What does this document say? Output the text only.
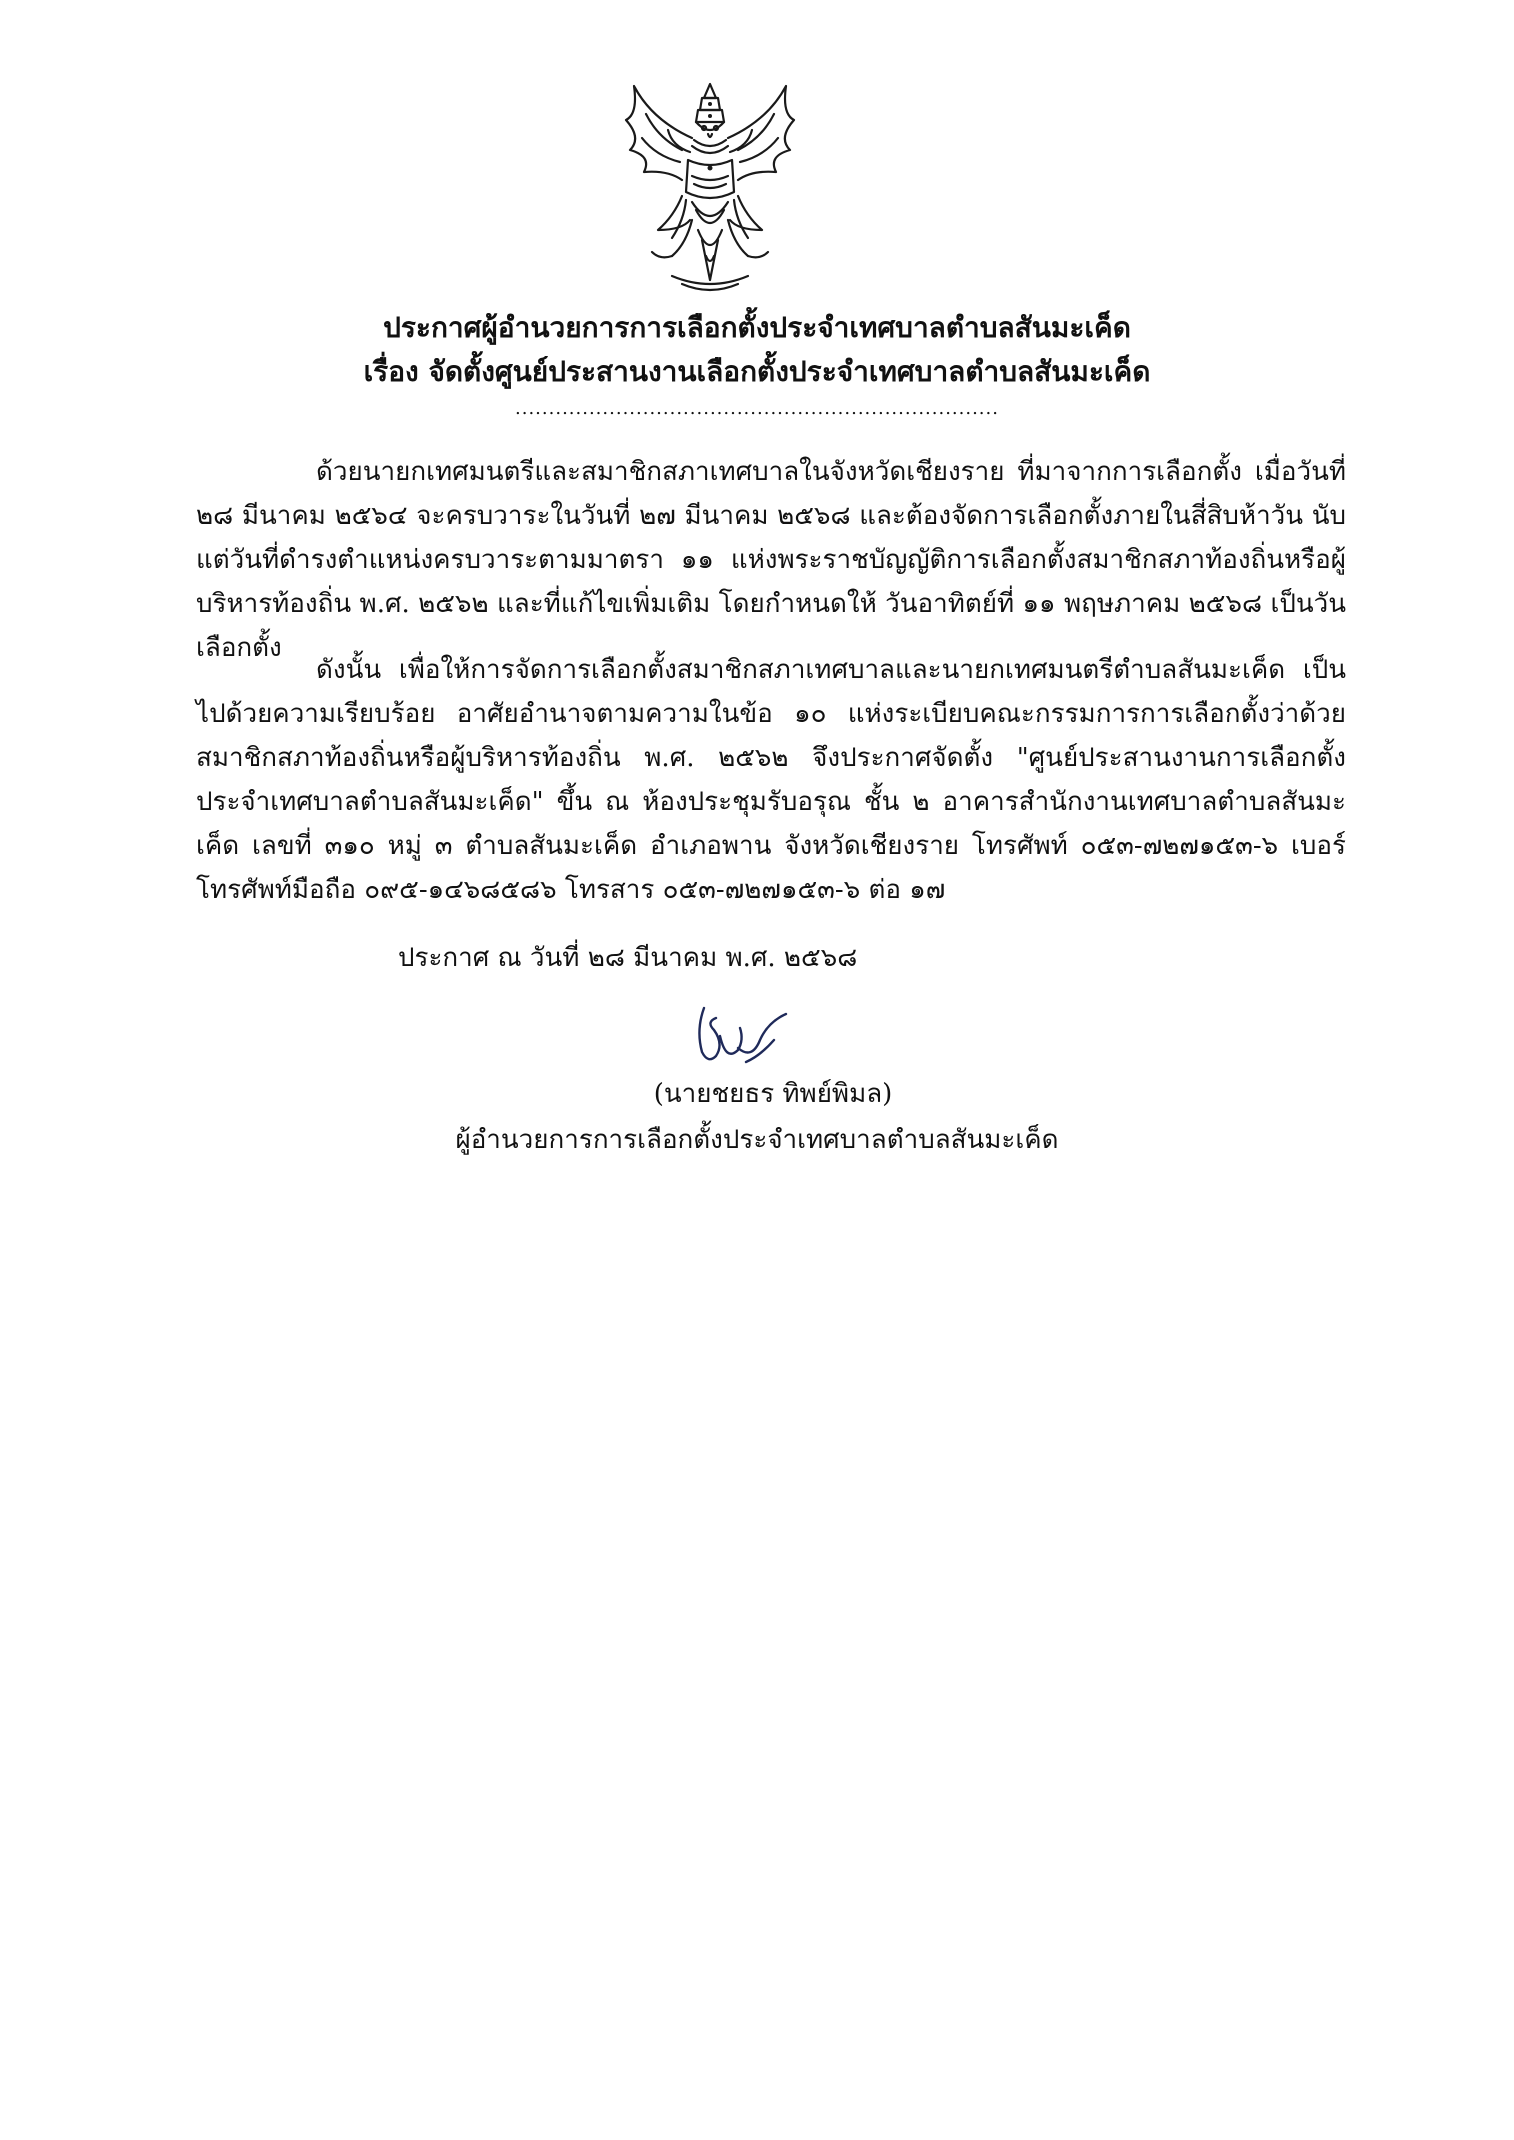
ประกาศผู้อำนวยการการเลือกตั้งประจำเทศบาลตำบลสันมะเค็ด
เรื่อง จัดตั้งศูนย์ประสานงานเลือกตั้งประจำเทศบาลตำบลสันมะเค็ด
........................................................................

ด้วยนายกเทศมนตรีและสมาชิกสภาเทศบาลในจังหวัดเชียงราย ที่มาจากการเลือกตั้ง เมื่อวันที่ ๒๘ มีนาคม ๒๕๖๔ จะครบวาระในวันที่ ๒๗ มีนาคม ๒๕๖๘ และต้องจัดการเลือกตั้งภายในสี่สิบห้าวัน นับแต่วันที่ดำรงตำแหน่งครบวาระตามมาตรา ๑๑ แห่งพระราชบัญญัติการเลือกตั้งสมาชิกสภาท้องถิ่นหรือผู้บริหารท้องถิ่น พ.ศ. ๒๕๖๒ และที่แก้ไขเพิ่มเติม โดยกำหนดให้ วันอาทิตย์ที่ ๑๑ พฤษภาคม ๒๕๖๘ เป็นวันเลือกตั้ง

ดังนั้น เพื่อให้การจัดการเลือกตั้งสมาชิกสภาเทศบาลและนายกเทศมนตรีตำบลสันมะเค็ด เป็นไปด้วยความเรียบร้อย อาศัยอำนาจตามความในข้อ ๑๐ แห่งระเบียบคณะกรรมการการเลือกตั้งว่าด้วยสมาชิกสภาท้องถิ่นหรือผู้บริหารท้องถิ่น พ.ศ. ๒๕๖๒ จึงประกาศจัดตั้ง "ศูนย์ประสานงานการเลือกตั้งประจำเทศบาลตำบลสันมะเค็ด" ขึ้น ณ ห้องประชุมรับอรุณ ชั้น ๒ อาคารสำนักงานเทศบาลตำบลสันมะเค็ด เลขที่ ๓๑๐ หมู่ ๓ ตำบลสันมะเค็ด อำเภอพาน จังหวัดเชียงราย โทรศัพท์ ๐๕๓-๗๒๗๑๕๓-๖ เบอร์โทรศัพท์มือถือ ๐๙๕-๑๔๖๘๕๘๖ โทรสาร ๐๕๓-๗๒๗๑๕๓-๖ ต่อ ๑๗

ประกาศ ณ วันที่ ๒๘ มีนาคม พ.ศ. ๒๕๖๘
(นายชยธร ทิพย์พิมล)
ผู้อำนวยการการเลือกตั้งประจำเทศบาลตำบลสันมะเค็ด
